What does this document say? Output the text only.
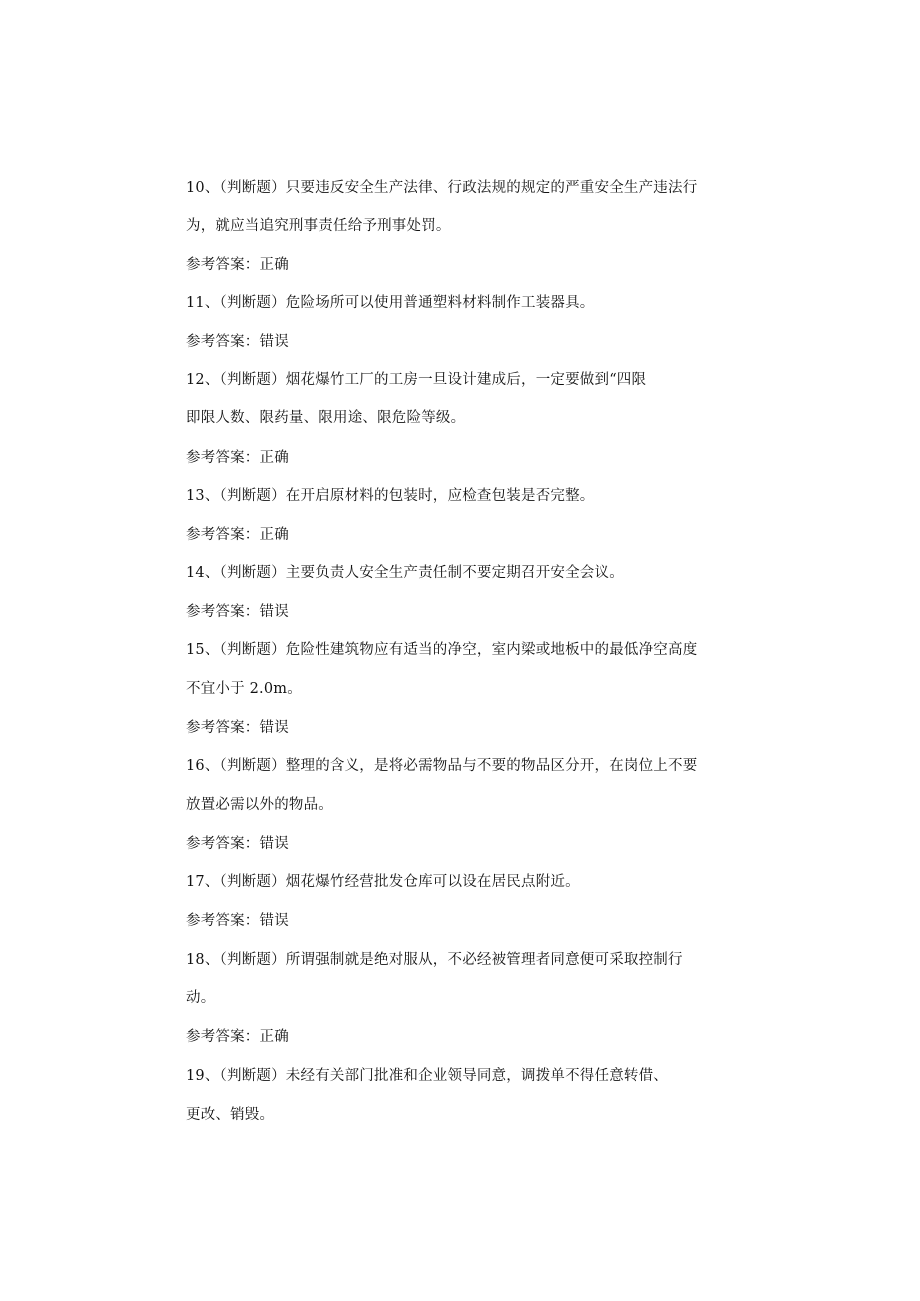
10、（判断题）只要违反安全生产法律、行政法规的规定的严重安全生产违法行
为，就应当追究刑事责任给予刑事处罚。
参考答案：正确
11、（判断题）危险场所可以使用普通塑料材料制作工装器具。
参考答案：错误
12、（判断题）烟花爆竹工厂的工房一旦设计建成后，一定要做到“四限
即限人数、限药量、限用途、限危险等级。
参考答案：正确
13、（判断题）在开启原材料的包装时，应检查包装是否完整。
参考答案：正确
14、（判断题）主要负责人安全生产责任制不要定期召开安全会议。
参考答案：错误
15、（判断题）危险性建筑物应有适当的净空，室内梁或地板中的最低净空高度
不宜小于 2.0m。
参考答案：错误
16、（判断题）整理的含义，是将必需物品与不要的物品区分开，在岗位上不要
放置必需以外的物品。
参考答案：错误
17、（判断题）烟花爆竹经营批发仓库可以设在居民点附近。
参考答案：错误
18、（判断题）所谓强制就是绝对服从，不必经被管理者同意便可采取控制行
动。
参考答案：正确
19、（判断题）未经有关部门批准和企业领导同意，调拨单不得任意转借、
更改、销毁。
